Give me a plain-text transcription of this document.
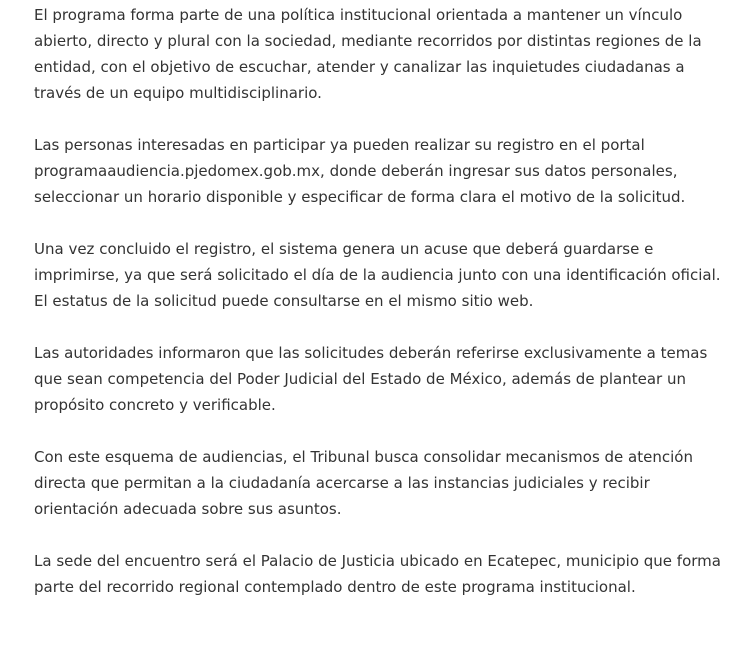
El programa forma parte de una política institucional orientada a mantener un vínculo abierto, directo y plural con la sociedad, mediante recorridos por distintas regiones de la entidad, con el objetivo de escuchar, atender y canalizar las inquietudes ciudadanas a través de un equipo multidisciplinario.

Las personas interesadas en participar ya pueden realizar su registro en el portal programaaudiencia.pjedomex.gob.mx, donde deberán ingresar sus datos personales, seleccionar un horario disponible y especificar de forma clara el motivo de la solicitud.

Una vez concluido el registro, el sistema genera un acuse que deberá guardarse e imprimirse, ya que será solicitado el día de la audiencia junto con una identificación oficial. El estatus de la solicitud puede consultarse en el mismo sitio web.

Las autoridades informaron que las solicitudes deberán referirse exclusivamente a temas que sean competencia del Poder Judicial del Estado de México, además de plantear un propósito concreto y verificable.

Con este esquema de audiencias, el Tribunal busca consolidar mecanismos de atención directa que permitan a la ciudadanía acercarse a las instancias judiciales y recibir orientación adecuada sobre sus asuntos.

La sede del encuentro será el Palacio de Justicia ubicado en Ecatepec, municipio que forma parte del recorrido regional contemplado dentro de este programa institucional.
